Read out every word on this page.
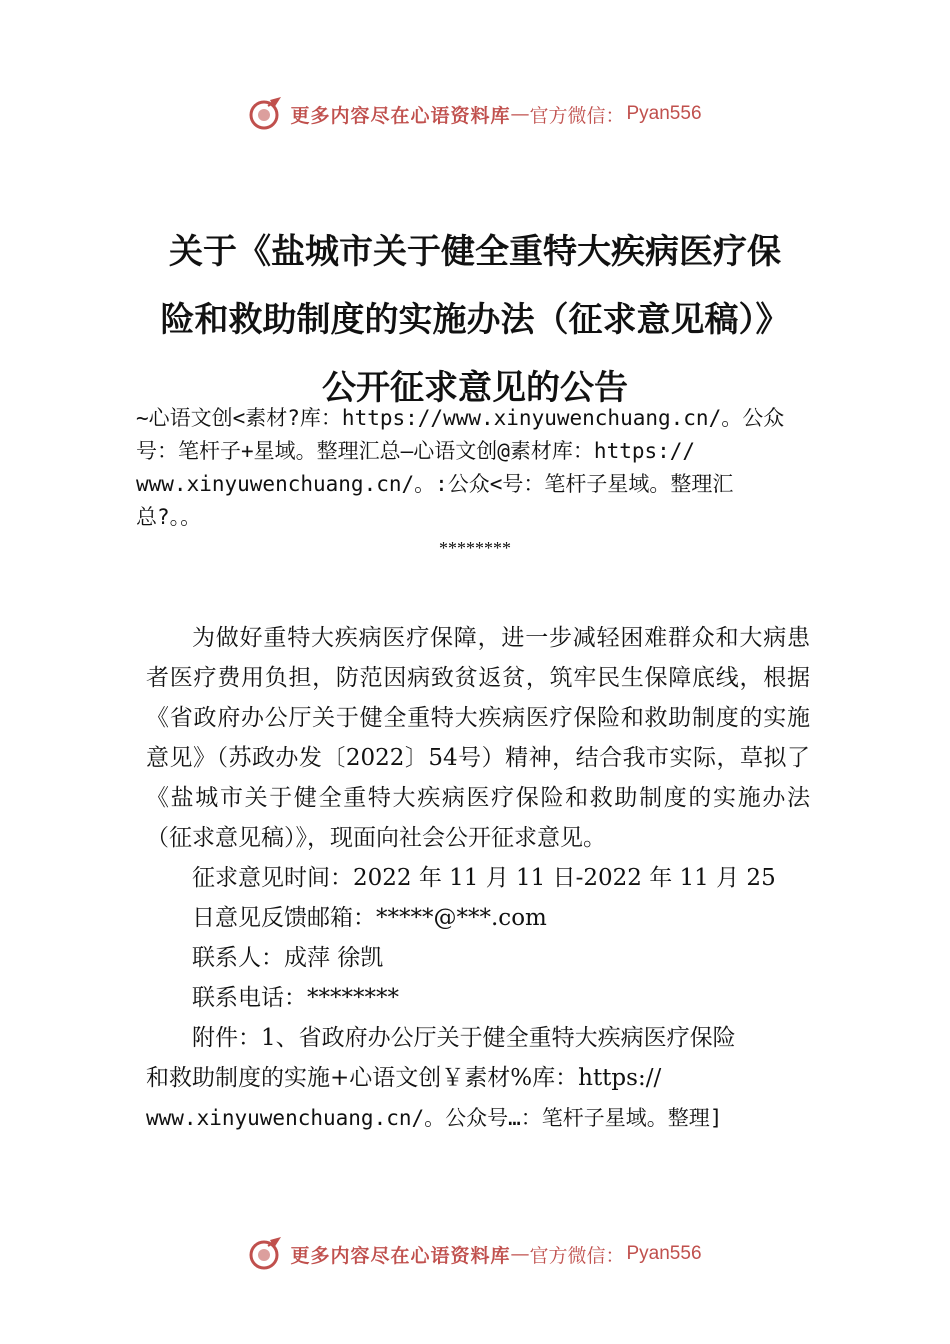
更多内容尽在心语资料库 — 官方微信： Pyan556
关于《盐城市关于健全重特大疾病医疗保
险和救助制度的实施办法（征求意见稿）》
公开征求意见的公告
~心语文创<素材?库：https://www.xinyuwenchuang.cn/。公众
号：笔杆子+星域。整理汇总—心语文创@素材库：https://
www.xinyuwenchuang.cn/。:公众<号：笔杆子星域。整理汇
总?。。
********

为做好重特大疾病医疗保障，进一步减轻困难群众和大病患者医疗费用负担，防范因病致贫返贫，筑牢民生保障底线，根据《省政府办公厅关于健全重特大疾病医疗保险和救助制度的实施意见》（苏政办发〔2022〕54号）精神，结合我市实际，草拟了《盐城市关于健全重特大疾病医疗保险和救助制度的实施办法（征求意见稿）》，现面向社会公开征求意见。

征求意见时间：2022 年 11 月 11 日-2022 年 11 月 25
日意见反馈邮箱：*****@***.com
联系人：成萍 徐凯
联系电话：********
附件：1、省政府办公厅关于健全重特大疾病医疗保险
和救助制度的实施+心语文创￥素材%库：https://
www.xinyuwenchuang.cn/。公众号…：笔杆子星域。整理]
更多内容尽在心语资料库 — 官方微信： Pyan556
